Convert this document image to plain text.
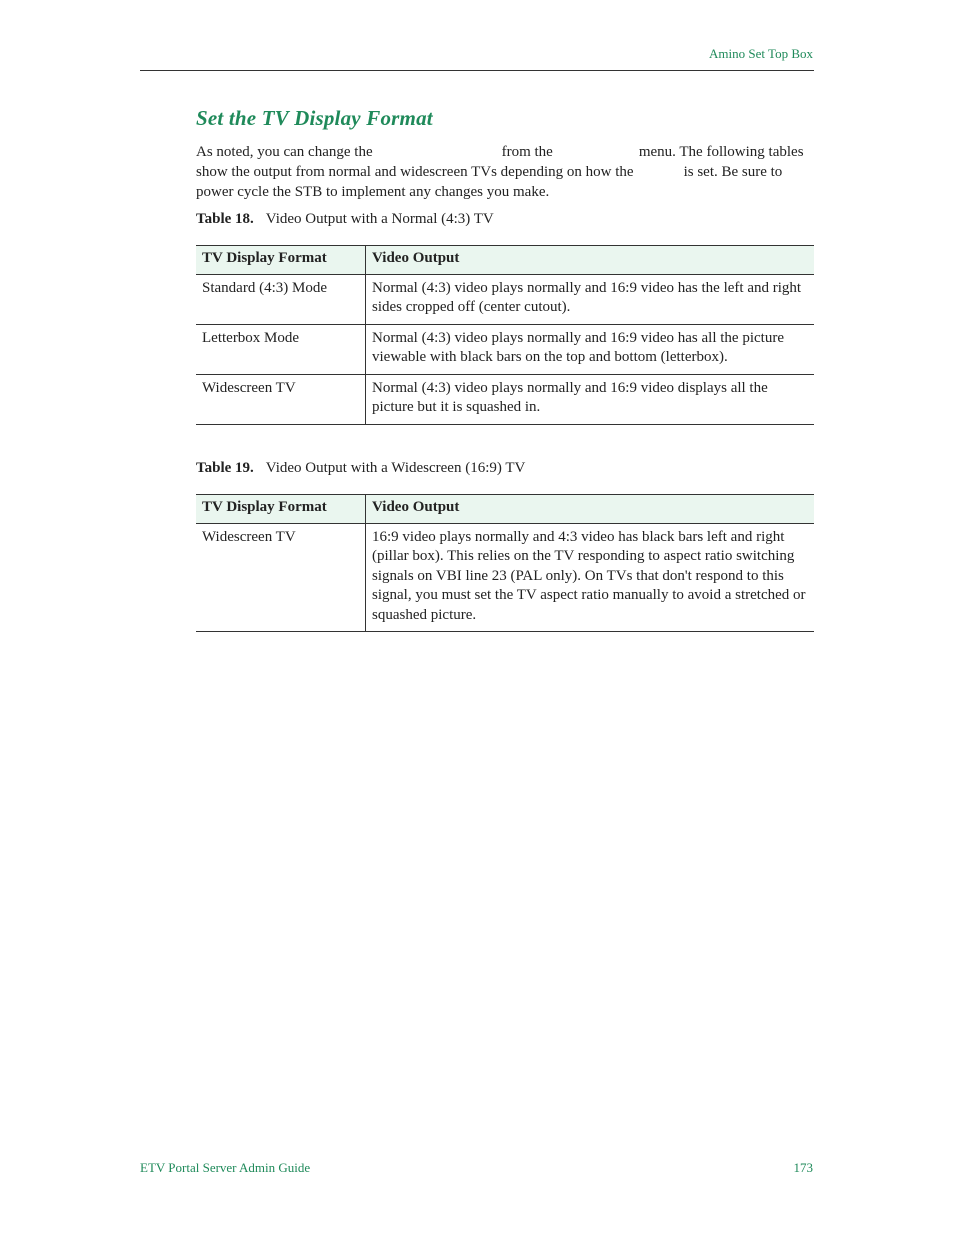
Amino Set Top Box
Set the TV Display Format

As noted, you can change the	from the	menu. The following tables show the output from normal and widescreen TVs depending on how the	is set. Be sure to power cycle the STB to implement any changes you make.

Table 18. Video Output with a Normal (4:3) TV

TV Display Format	Video Output
Standard (4:3) Mode	Normal (4:3) video plays normally and 16:9 video has the left and right sides cropped off (center cutout).
Letterbox Mode	Normal (4:3) video plays normally and 16:9 video has all the picture viewable with black bars on the top and bottom (letterbox).
Widescreen TV	Normal (4:3) video plays normally and 16:9 video displays all the picture but it is squashed in.

Table 19. Video Output with a Widescreen (16:9) TV

TV Display Format	Video Output
Widescreen TV	16:9 video plays normally and 4:3 video has black bars left and right (pillar box). This relies on the TV responding to aspect ratio switching signals on VBI line 23 (PAL only). On TVs that don't respond to this signal, you must set the TV aspect ratio manually to avoid a stretched or squashed picture.
ETV Portal Server Admin Guide	173
